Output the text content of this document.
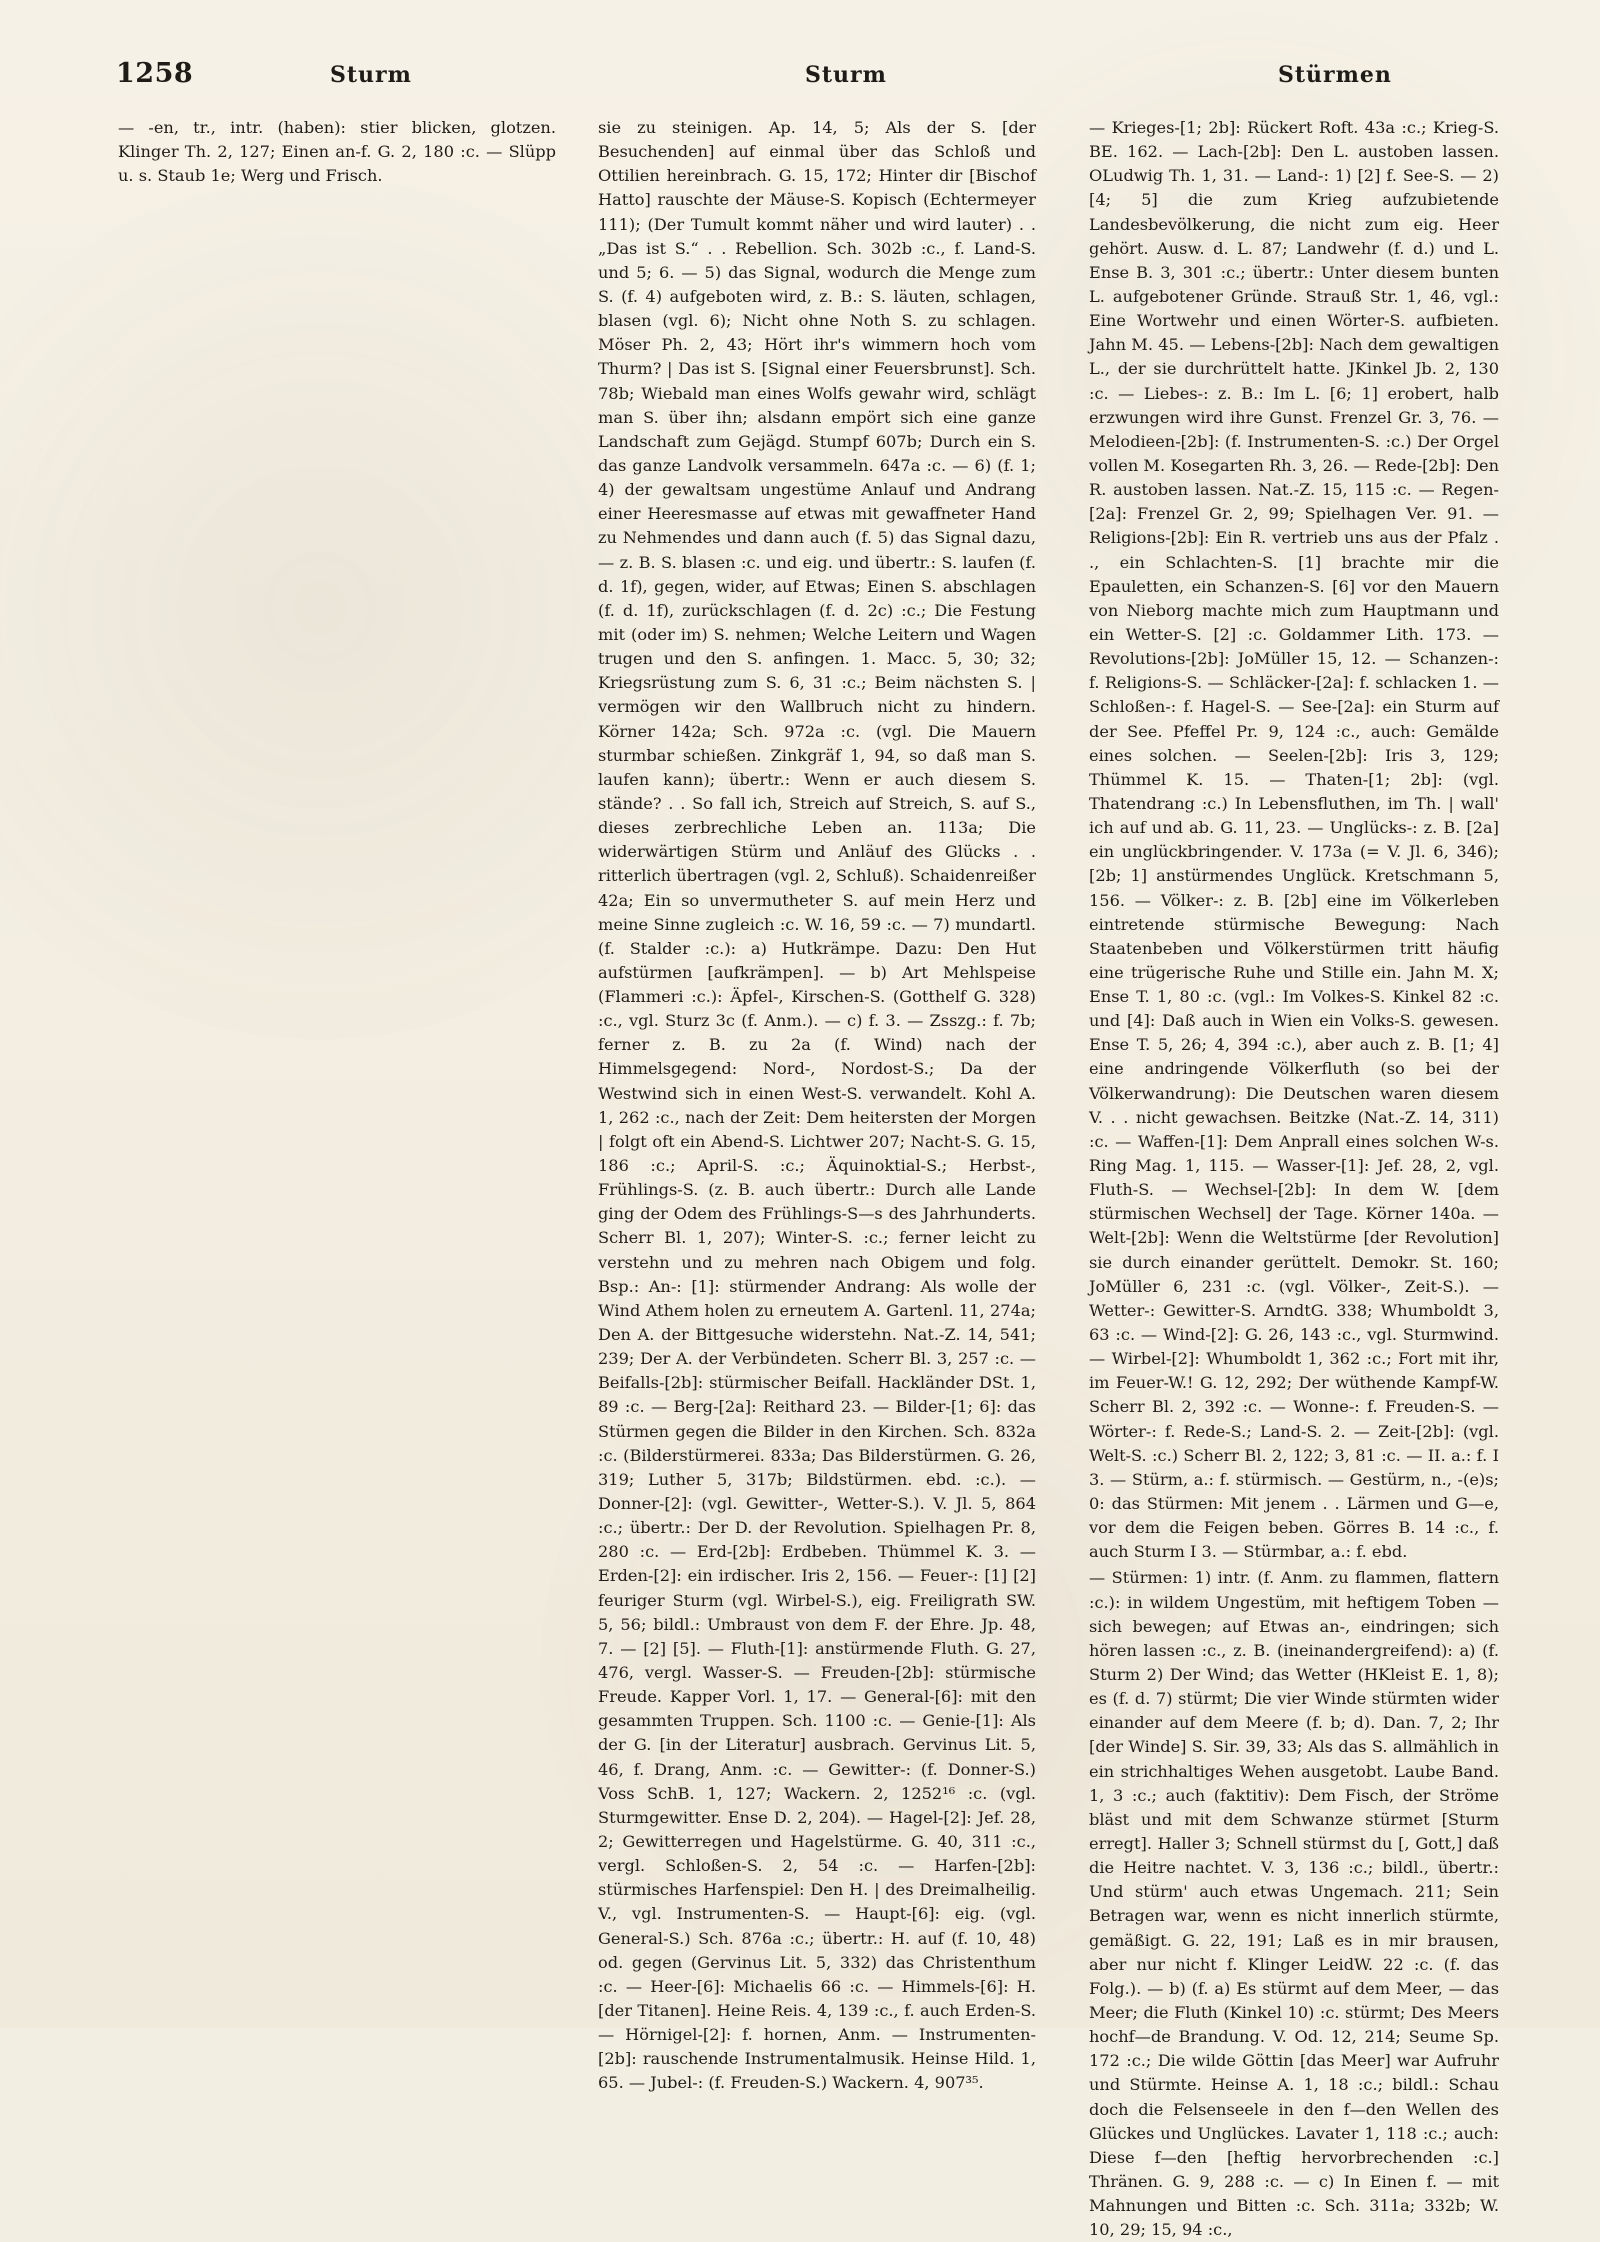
1258	Sturm	Sturm	Stürmen

— -en, tr., intr. (haben): stier blicken, glotzen. Klinger Th. 2, 127; Einen an-f. G. 2, 180 :c. — Slüpp u. s. Staub 1e; Werg und Frisch.

sie zu steinigen. Ap. 14, 5; Als der S. [der Besuchenden] auf einmal über das Schloß und Ottilien hereinbrach. G. 15, 172; Hinter dir [Bischof Hatto] rauschte der Mäuse-S. Kopisch (Echtermeyer 111); (Der Tumult kommt näher und wird lauter) . . „Das ist S.“ . . Rebellion. Sch. 302b :c., f. Land-S. und 5; 6. — 5) das Signal, wodurch die Menge zum S. (f. 4) aufgeboten wird, z. B.: S. läuten, schlagen, blasen (vgl. 6); Nicht ohne Noth S. zu schlagen. Möser Ph. 2, 43; Hört ihr's wimmern hoch vom Thurm? | Das ist S. [Signal einer Feuersbrunst]. Sch. 78b; Wiebald man eines Wolfs gewahr wird, schlägt man S. über ihn; alsdann empört sich eine ganze Landschaft zum Gejägd. Stumpf 607b; Durch ein S. das ganze Landvolk versammeln. 647a :c. — 6) (f. 1; 4) der gewaltsam ungestüme Anlauf und Andrang einer Heeresmasse auf etwas mit gewaffneter Hand zu Nehmendes und dann auch (f. 5) das Signal dazu, — z. B. S. blasen :c. und eig. und übertr.: S. laufen (f. d. 1f), gegen, wider, auf Etwas; Einen S. abschlagen (f. d. 1f), zurückschlagen (f. d. 2c) :c.; Die Festung mit (oder im) S. nehmen; Welche Leitern und Wagen trugen und den S. anfingen. 1. Macc. 5, 30; 32; Kriegsrüstung zum S. 6, 31 :c.; Beim nächsten S. | vermögen wir den Wallbruch nicht zu hindern. Körner 142a; Sch. 972a :c. (vgl. Die Mauern sturmbar schießen. Zinkgräf 1, 94, so daß man S. laufen kann); übertr.: Wenn er auch diesem S. stände? . . So fall ich, Streich auf Streich, S. auf S., dieses zerbrechliche Leben an. 113a; Die widerwärtigen Stürm und Anläuf des Glücks . . ritterlich übertragen (vgl. 2, Schluß). Schaidenreißer 42a; Ein so unvermutheter S. auf mein Herz und meine Sinne zugleich :c. W. 16, 59 :c. — 7) mundartl. (f. Stalder :c.): a) Hutkrämpe. Dazu: Den Hut aufstürmen [aufkrämpen]. — b) Art Mehlspeise (Flammeri :c.): Äpfel-, Kirschen-S. (Gotthelf G. 328) :c., vgl. Sturz 3c (f. Anm.). — c) f. 3. — Zsszg.: f. 7b; ferner z. B. zu 2a (f. Wind) nach der Himmelsgegend: Nord-, Nordost-S.; Da der Westwind sich in einen West-S. verwandelt. Kohl A. 1, 262 :c., nach der Zeit: Dem heitersten der Morgen | folgt oft ein Abend-S. Lichtwer 207; Nacht-S. G. 15, 186 :c.; April-S. :c.; Äquinoktial-S.; Herbst-, Frühlings-S. (z. B. auch übertr.: Durch alle Lande ging der Odem des Frühlings-S—s des Jahrhunderts. Scherr Bl. 1, 207); Winter-S. :c.; ferner leicht zu verstehn und zu mehren nach Obigem und folg. Bsp.: An-: [1]: stürmender Andrang: Als wolle der Wind Athem holen zu erneutem A. Gartenl. 11, 274a; Den A. der Bittgesuche widerstehn. Nat.-Z. 14, 541; 239; Der A. der Verbündeten. Scherr Bl. 3, 257 :c. — Beifalls-[2b]: stürmischer Beifall. Hackländer DSt. 1, 89 :c. — Berg-[2a]: Reithard 23. — Bilder-[1; 6]: das Stürmen gegen die Bilder in den Kirchen. Sch. 832a :c. (Bilderstürmerei. 833a; Das Bilderstürmen. G. 26, 319; Luther 5, 317b; Bildstürmen. ebd. :c.). — Donner-[2]: (vgl. Gewitter-, Wetter-S.). V. Jl. 5, 864 :c.; übertr.: Der D. der Revolution. Spielhagen Pr. 8, 280 :c. — Erd-[2b]: Erdbeben. Thümmel K. 3. — Erden-[2]: ein irdischer. Iris 2, 156. — Feuer-: [1] [2] feuriger Sturm (vgl. Wirbel-S.), eig. Freiligrath SW. 5, 56; bildl.: Umbraust von dem F. der Ehre. Jp. 48, 7. — [2] [5]. — Fluth-[1]: anstürmende Fluth. G. 27, 476, vergl. Wasser-S. — Freuden-[2b]: stürmische Freude. Kapper Vorl. 1, 17. — General-[6]: mit den gesammten Truppen. Sch. 1100 :c. — Genie-[1]: Als der G. [in der Literatur] ausbrach. Gervinus Lit. 5, 46, f. Drang, Anm. :c. — Gewitter-: (f. Donner-S.) Voss SchB. 1, 127; Wackern. 2, 1252¹⁶ :c. (vgl. Sturmgewitter. Ense D. 2, 204). — Hagel-[2]: Jef. 28, 2; Gewitterregen und Hagelstürme. G. 40, 311 :c., vergl. Schloßen-S. 2, 54 :c. — Harfen-[2b]: stürmisches Harfenspiel: Den H. | des Dreimalheilig. V., vgl. Instrumenten-S. — Haupt-[6]: eig. (vgl. General-S.) Sch. 876a :c.; übertr.: H. auf (f. 10, 48) od. gegen (Gervinus Lit. 5, 332) das Christenthum :c. — Heer-[6]: Michaelis 66 :c. — Himmels-[6]: H. [der Titanen]. Heine Reis. 4, 139 :c., f. auch Erden-S. — Hörnigel-[2]: f. hornen, Anm. — Instrumenten-[2b]: rauschende Instrumentalmusik. Heinse Hild. 1, 65. — Jubel-: (f. Freuden-S.) Wackern. 4, 907³⁵.

— Krieges-[1; 2b]: Rückert Roft. 43a :c.; Krieg-S. BE. 162. — Lach-[2b]: Den L. austoben lassen. OLudwig Th. 1, 31. — Land-: 1) [2] f. See-S. — 2) [4; 5] die zum Krieg aufzubietende Landesbevölkerung, die nicht zum eig. Heer gehört. Ausw. d. L. 87; Landwehr (f. d.) und L. Ense B. 3, 301 :c.; übertr.: Unter diesem bunten L. aufgebotener Gründe. Strauß Str. 1, 46, vgl.: Eine Wortwehr und einen Wörter-S. aufbieten. Jahn M. 45. — Lebens-[2b]: Nach dem gewaltigen L., der sie durchrüttelt hatte. JKinkel Jb. 2, 130 :c. — Liebes-: z. B.: Im L. [6; 1] erobert, halb erzwungen wird ihre Gunst. Frenzel Gr. 3, 76. — Melodieen-[2b]: (f. Instrumenten-S. :c.) Der Orgel vollen M. Kosegarten Rh. 3, 26. — Rede-[2b]: Den R. austoben lassen. Nat.-Z. 15, 115 :c. — Regen-[2a]: Frenzel Gr. 2, 99; Spielhagen Ver. 91. — Religions-[2b]: Ein R. vertrieb uns aus der Pfalz . ., ein Schlachten-S. [1] brachte mir die Epauletten, ein Schanzen-S. [6] vor den Mauern von Nieborg machte mich zum Hauptmann und ein Wetter-S. [2] :c. Goldammer Lith. 173. — Revolutions-[2b]: JoMüller 15, 12. — Schanzen-: f. Religions-S. — Schläcker-[2a]: f. schlacken 1. — Schloßen-: f. Hagel-S. — See-[2a]: ein Sturm auf der See. Pfeffel Pr. 9, 124 :c., auch: Gemälde eines solchen. — Seelen-[2b]: Iris 3, 129; Thümmel K. 15. — Thaten-[1; 2b]: (vgl. Thatendrang :c.) In Lebensfluthen, im Th. | wall' ich auf und ab. G. 11, 23. — Unglücks-: z. B. [2a] ein unglückbringender. V. 173a (= V. Jl. 6, 346); [2b; 1] anstürmendes Unglück. Kretschmann 5, 156. — Völker-: z. B. [2b] eine im Völkerleben eintretende stürmische Bewegung: Nach Staatenbeben und Völkerstürmen tritt häufig eine trügerische Ruhe und Stille ein. Jahn M. X; Ense T. 1, 80 :c. (vgl.: Im Volkes-S. Kinkel 82 :c. und [4]: Daß auch in Wien ein Volks-S. gewesen. Ense T. 5, 26; 4, 394 :c.), aber auch z. B. [1; 4] eine andringende Völkerfluth (so bei der Völkerwandrung): Die Deutschen waren diesem V. . . nicht gewachsen. Beitzke (Nat.-Z. 14, 311) :c. — Waffen-[1]: Dem Anprall eines solchen W-s. Ring Mag. 1, 115. — Wasser-[1]: Jef. 28, 2, vgl. Fluth-S. — Wechsel-[2b]: In dem W. [dem stürmischen Wechsel] der Tage. Körner 140a. — Welt-[2b]: Wenn die Weltstürme [der Revolution] sie durch einander gerüttelt. Demokr. St. 160; JoMüller 6, 231 :c. (vgl. Völker-, Zeit-S.). — Wetter-: Gewitter-S. ArndtG. 338; Whumboldt 3, 63 :c. — Wind-[2]: G. 26, 143 :c., vgl. Sturmwind. — Wirbel-[2]: Whumboldt 1, 362 :c.; Fort mit ihr, im Feuer-W.! G. 12, 292; Der wüthende Kampf-W. Scherr Bl. 2, 392 :c. — Wonne-: f. Freuden-S. — Wörter-: f. Rede-S.; Land-S. 2. — Zeit-[2b]: (vgl. Welt-S. :c.) Scherr Bl. 2, 122; 3, 81 :c. — II. a.: f. I 3. — Stürm, a.: f. stürmisch. — Gestürm, n., -(e)s; 0: das Stürmen: Mit jenem . . Lärmen und G—e, vor dem die Feigen beben. Görres B. 14 :c., f. auch Sturm I 3. — Stürmbar, a.: f. ebd.

— Stürmen: 1) intr. (f. Anm. zu flammen, flattern :c.): in wildem Ungestüm, mit heftigem Toben — sich bewegen; auf Etwas an-, eindringen; sich hören lassen :c., z. B. (ineinandergreifend): a) (f. Sturm 2) Der Wind; das Wetter (HKleist E. 1, 8); es (f. d. 7) stürmt; Die vier Winde stürmten wider einander auf dem Meere (f. b; d). Dan. 7, 2; Ihr [der Winde] S. Sir. 39, 33; Als das S. allmählich in ein strichhaltiges Wehen ausgetobt. Laube Band. 1, 3 :c.; auch (faktitiv): Dem Fisch, der Ströme bläst und mit dem Schwanze stürmet [Sturm erregt]. Haller 3; Schnell stürmst du [, Gott,] daß die Heitre nachtet. V. 3, 136 :c.; bildl., übertr.: Und stürm' auch etwas Ungemach. 211; Sein Betragen war, wenn es nicht innerlich stürmte, gemäßigt. G. 22, 191; Laß es in mir brausen, aber nur nicht f. Klinger LeidW. 22 :c. (f. das Folg.). — b) (f. a) Es stürmt auf dem Meer, — das Meer; die Fluth (Kinkel 10) :c. stürmt; Des Meers hochf—de Brandung. V. Od. 12, 214; Seume Sp. 172 :c.; Die wilde Göttin [das Meer] war Aufruhr und Stürmte. Heinse A. 1, 18 :c.; bildl.: Schau doch die Felsenseele in den f—den Wellen des Glückes und Unglückes. Lavater 1, 118 :c.; auch: Diese f—den [heftig hervorbrechenden :c.] Thränen. G. 9, 288 :c. — c) In Einen f. — mit Mahnungen und Bitten :c. Sch. 311a; 332b; W. 10, 29; 15, 94 :c.,
